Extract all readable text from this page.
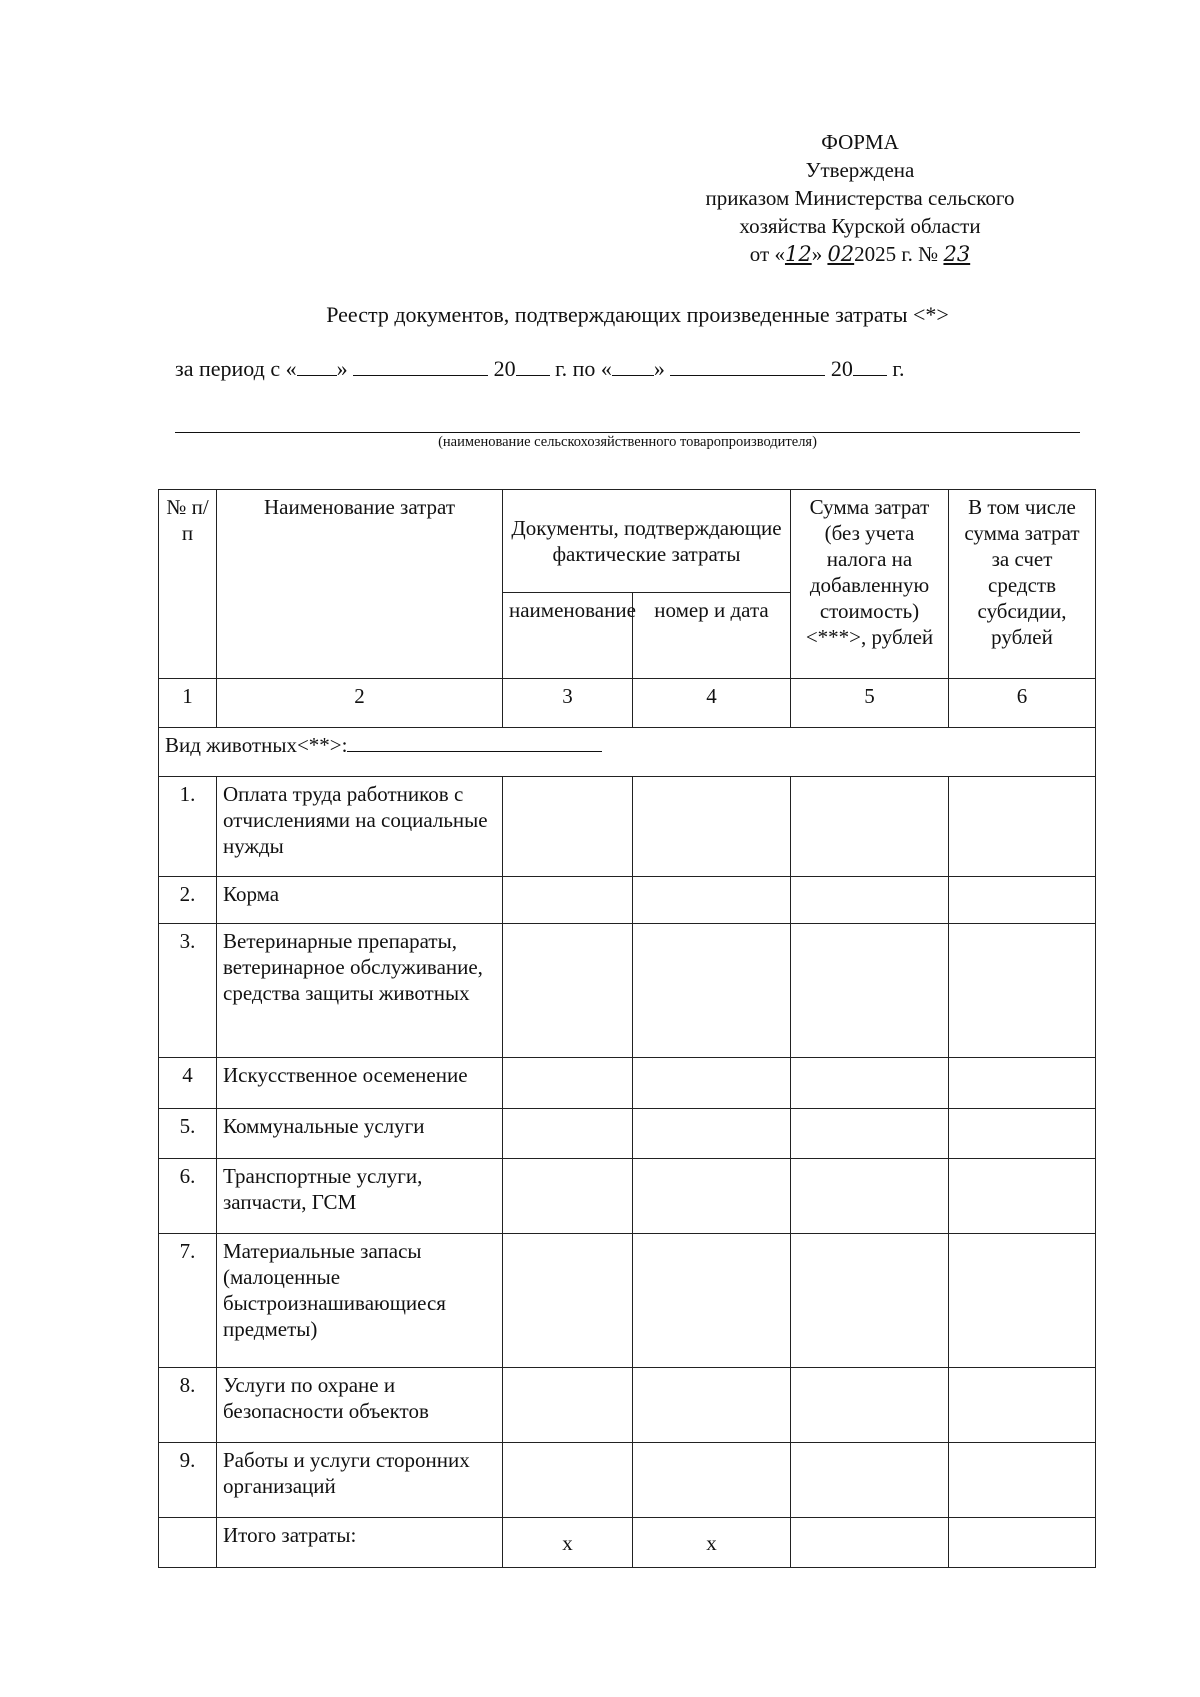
ФОРМА
Утверждена
приказом Министерства сельского
хозяйства Курской области
от «12» 022025 г. № 23
Реестр документов, подтверждающих произведенные затраты <*>
за период с « »	20 г. по « »	20 г.
(наименование сельскохозяйственного товаропроизводителя)
№ п/п	Наименование затрат	Документы, подтверждающие фактические затраты		Сумма затрат (без учета налога на добавленную стоимость) <***>, рублей	В том числе сумма затрат за счет средств субсидии, рублей
		наименование	номер и дата		
1	2	3	4	5	6
Вид животных<**>:					
1.	Оплата труда работников с отчислениями на социальные нужды				
2.	Корма				
3.	Ветеринарные препараты, ветеринарное обслуживание, средства защиты животных				
4	Искусственное осеменение				
5.	Коммунальные услуги				
6.	Транспортные услуги, запчасти, ГСМ				
7.	Материальные запасы (малоценные быстроизнашивающиеся предметы)				
8.	Услуги по охране и безопасности объектов				
9.	Работы и услуги сторонних организаций				
	Итого затраты:	х	х		
